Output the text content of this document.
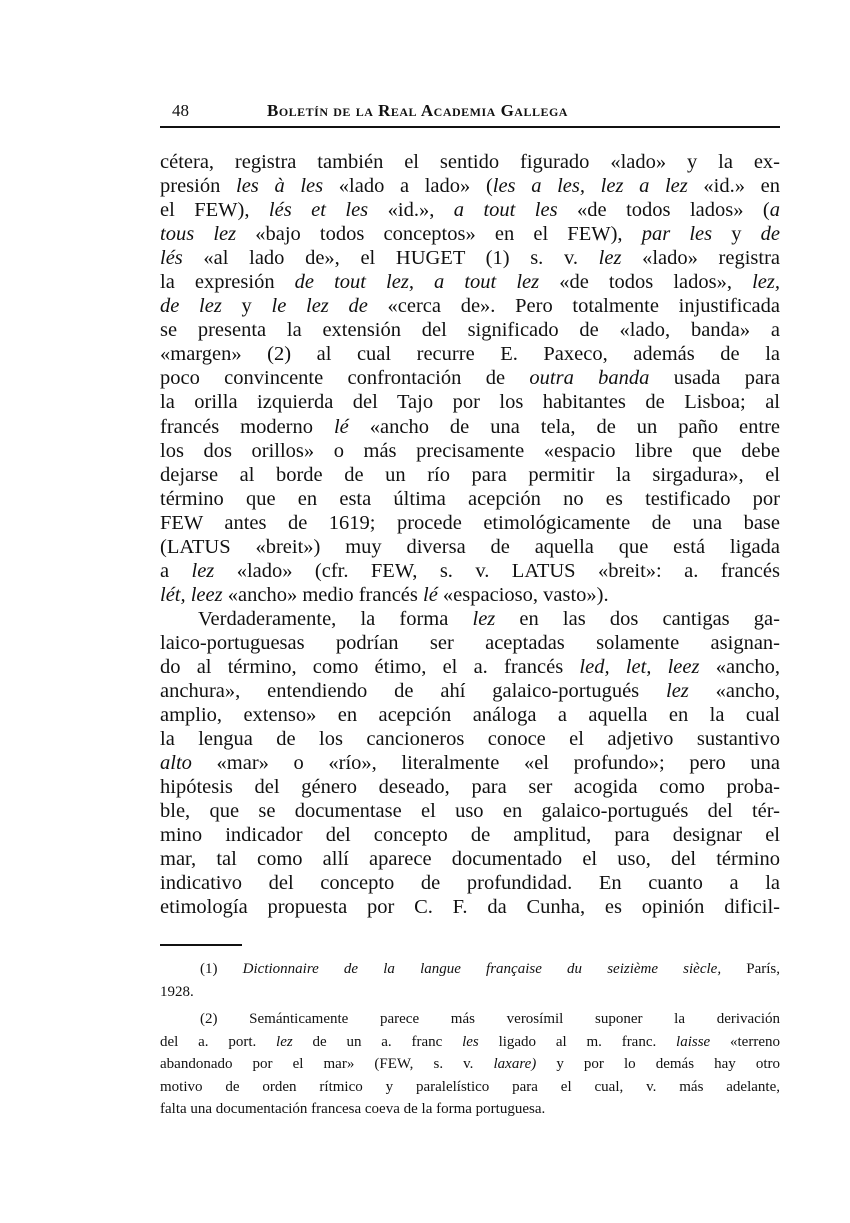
48	Boletín de la Real Academia Gallega
cétera, registra también el sentido figurado «lado» y la ex-
presión les à les «lado a lado» (les a les, lez a lez «id.» en
el FEW), lés et les «id.», a tout les «de todos lados» (a
tous lez «bajo todos conceptos» en el FEW), par les y de
lés «al lado de», el HUGET (1) s. v. lez «lado» registra
la expresión de tout lez, a tout lez «de todos lados», lez,
de lez y le lez de «cerca de». Pero totalmente injustificada
se presenta la extensión del significado de «lado, banda» a
«margen» (2) al cual recurre E. Paxeco, además de la
poco convincente confrontación de outra banda usada para
la orilla izquierda del Tajo por los habitantes de Lisboa; al
francés moderno lé «ancho de una tela, de un paño entre
los dos orillos» o más precisamente «espacio libre que debe
dejarse al borde de un río para permitir la sirgadura», el
término que en esta última acepción no es testificado por
FEW antes de 1619; procede etimológicamente de una base
(LATUS «breit») muy diversa de aquella que está ligada
a lez «lado» (cfr. FEW, s. v. LATUS «breit»: a. francés
lét, leez «ancho» medio francés lé «espacioso, vasto»).
Verdaderamente, la forma lez en las dos cantigas ga-
laico-portuguesas podrían ser aceptadas solamente asignan-
do al término, como étimo, el a. francés led, let, leez «ancho,
anchura», entendiendo de ahí galaico-portugués lez «ancho,
amplio, extenso» en acepción análoga a aquella en la cual
la lengua de los cancioneros conoce el adjetivo sustantivo
alto «mar» o «río», literalmente «el profundo»; pero una
hipótesis del género deseado, para ser acogida como proba-
ble, que se documentase el uso en galaico-portugués del tér-
mino indicador del concepto de amplitud, para designar el
mar, tal como allí aparece documentado el uso, del término
indicativo del concepto de profundidad. En cuanto a la
etimología propuesta por C. F. da Cunha, es opinión dificil-
(1) Dictionnaire de la langue française du seizième siècle, París,
1928.
(2) Semánticamente parece más verosímil suponer la derivación
del a. port. lez de un a. franc les ligado al m. franc. laisse «terreno
abandonado por el mar» (FEW, s. v. laxare) y por lo demás hay otro
motivo de orden rítmico y paralelístico para el cual, v. más adelante,
falta una documentación francesa coeva de la forma portuguesa.
